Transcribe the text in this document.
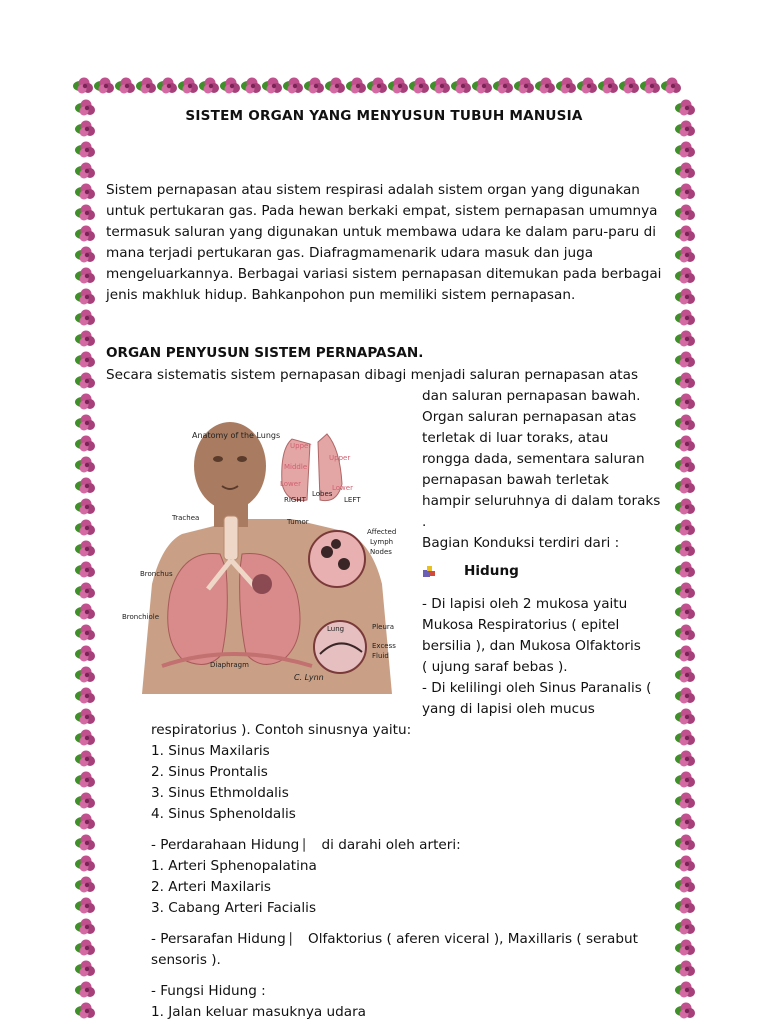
SISTEM ORGAN YANG MENYUSUN TUBUH MANUSIA

Sistem pernapasan atau sistem respirasi adalah sistem organ yang digunakan

untuk pertukaran gas. Pada hewan berkaki empat, sistem pernapasan umumnya

termasuk saluran yang digunakan untuk membawa udara ke dalam paru-paru di

mana terjadi pertukaran gas. Diafragmamenarik udara masuk dan juga

mengeluarkannya. Berbagai variasi sistem pernapasan ditemukan pada berbagai

jenis makhluk hidup. Bahkanpohon pun memiliki sistem pernapasan.

ORGAN PENYUSUN SISTEM PERNAPASAN.
Secara sistematis sistem pernapasan dibagi menjadi saluran pernapasan atas

dan saluran pernapasan bawah.

Organ saluran pernapasan atas

terletak di luar toraks, atau

rongga dada, sementara saluran

pernapasan bawah terletak

hampir seluruhnya di dalam toraks

.

Bagian Konduksi terdiri dari :

Hidung

- Di lapisi oleh 2 mukosa yaitu

Mukosa Respiratorius ( epitel

bersilia ), dan Mukosa Olfaktoris

( ujung saraf bebas ).

- Di kelilingi oleh Sinus Paranalis (

yang di lapisi oleh mucus

Anatomy of the Lungs
Upper
Middle
Lower
Upper
Lower
RIGHT
Lobes
LEFT
Trachea	Tumor
Bronchus
Affected
Lymph
Nodes
Bronchiole
Lung	Pleura
Excess
Fluid
Diaphragm
C. Lynn

respiratorius ). Contoh sinusnya yaitu:

1. Sinus Maxilaris

2. Sinus Prontalis

3. Sinus Ethmoldalis

4. Sinus Sphenoldalis

- Perdarahaan Hidung ⎸ di darahi oleh arteri:

1. Arteri Sphenopalatina

2. Arteri Maxilaris

3. Cabang Arteri Facialis

- Persarafan Hidung ⎸ Olfaktorius ( aferen viceral ), Maxillaris ( serabut

sensoris ).

- Fungsi Hidung :

1. Jalan keluar masuknya udara
